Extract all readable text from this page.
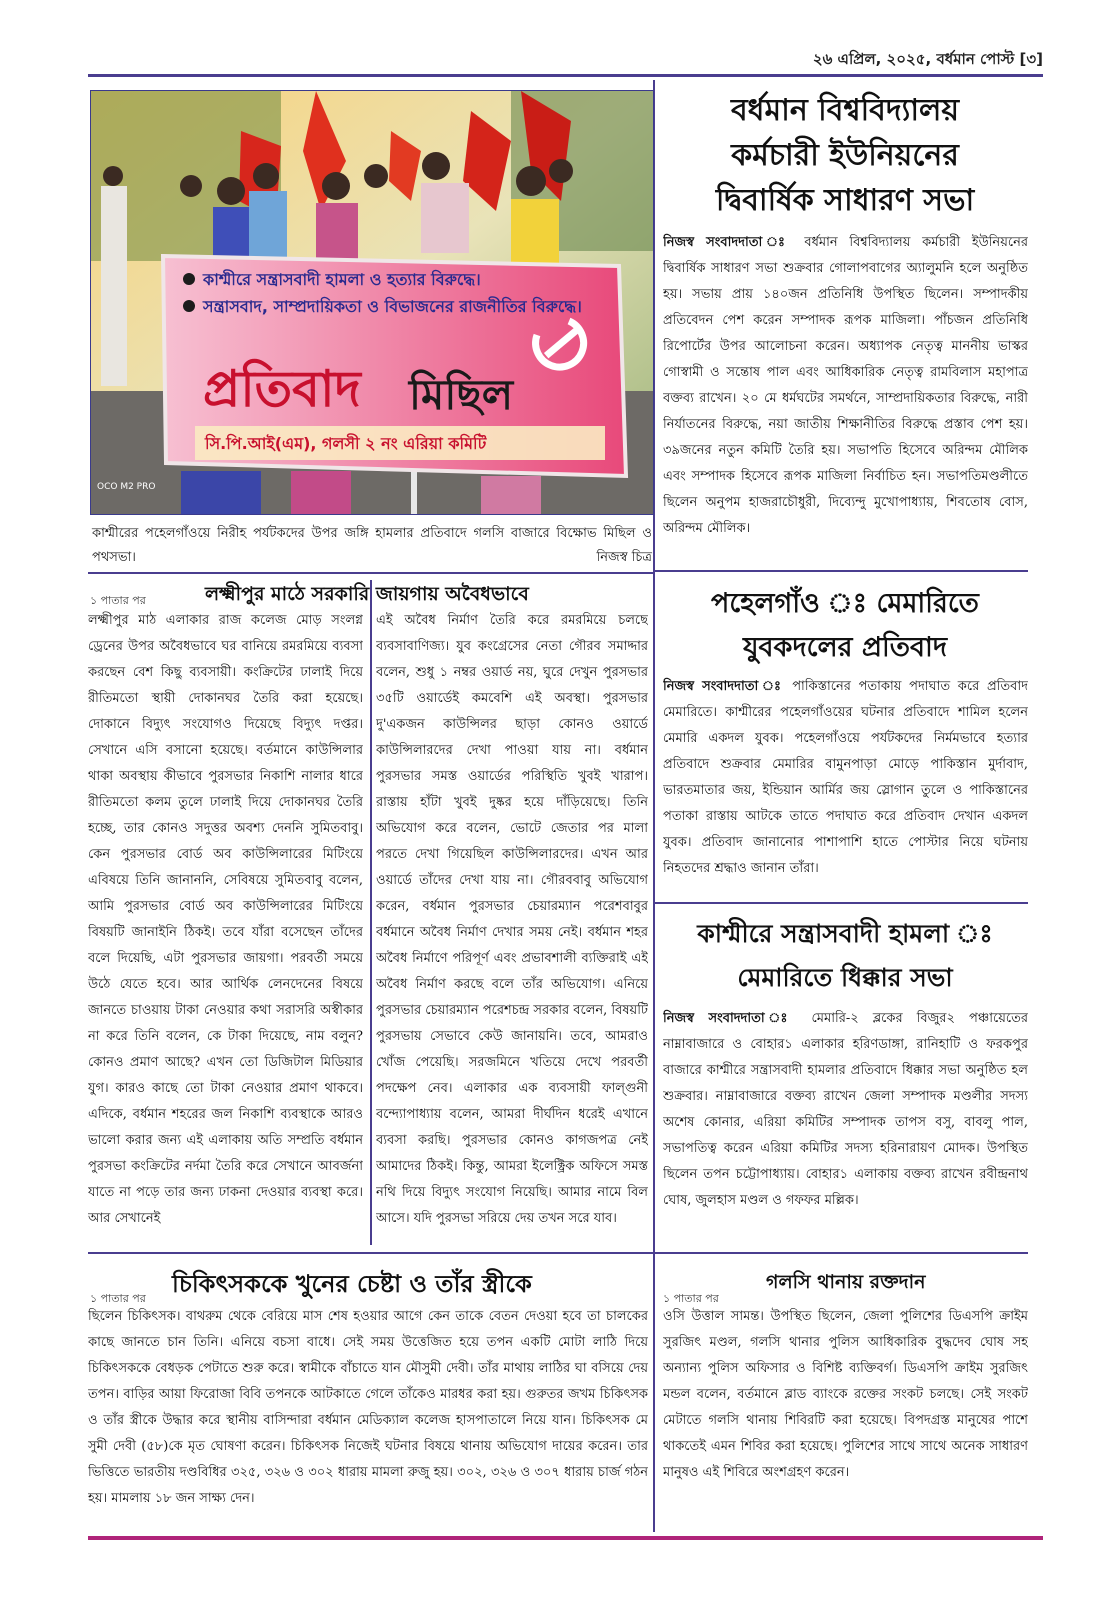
২৬ এপ্রিল, ২০২৫, বর্ধমান পোস্ট [৩]
কাশ্মীরে সন্ত্রাসবাদী হামলা ও হত্যার বিরুদ্ধে।
সন্ত্রাসবাদ, সাম্প্রদায়িকতা ও বিভাজনের রাজনীতির বিরুদ্ধে।
প্রতিবাদ মিছিল
সি.পি.আই(এম), গলসী ২ নং এরিয়া কমিটি
OCO M2 PRO
কাশ্মীরের পহেলগাঁওয়ে নিরীহ পর্যটকদের উপর জঙ্গি হামলার প্রতিবাদে গলসি বাজারে বিক্ষোভ মিছিল ও পথসভা।	নিজস্ব চিত্র
বর্ধমান বিশ্ববিদ্যালয়
কর্মচারী ইউনিয়নের
দ্বিবার্ষিক সাধারণ সভা
নিজস্ব সংবাদদাতা ঃ বর্ধমান বিশ্ববিদ্যালয় কর্মচারী ইউনিয়নের দ্বিবার্ষিক সাধারণ সভা শুক্রবার গোলাপবাগের অ্যালুমনি হলে অনুষ্ঠিত হয়। সভায় প্রায় ১৪০জন প্রতিনিধি উপস্থিত ছিলেন। সম্পাদকীয় প্রতিবেদন পেশ করেন সম্পাদক রূপক মাজিলা। পাঁচজন প্রতিনিধি রিপোর্টের উপর আলোচনা করেন। অধ্যাপক নেতৃত্ব মাননীয় ভাস্কর গোস্বামী ও সন্তোষ পাল এবং আধিকারিক নেতৃত্ব রামবিলাস মহাপাত্র বক্তব্য রাখেন। ২০ মে ধর্মঘটের সমর্থনে, সাম্প্রদায়িকতার বিরুদ্ধে, নারী নির্যাতনের বিরুদ্ধে, নয়া জাতীয় শিক্ষানীতির বিরুদ্ধে প্রস্তাব পেশ হয়। ৩৯জনের নতুন কমিটি তৈরি হয়। সভাপতি হিসেবে অরিন্দম মৌলিক এবং সম্পাদক হিসেবে রূপক মাজিলা নির্বাচিত হন। সভাপতিমণ্ডলীতে ছিলেন অনুপম হাজরাচৌধুরী, দিব্যেন্দু মুখোপাধ্যায়, শিবতোষ বোস, অরিন্দম মৌলিক।
১ পাতার পর	লক্ষ্মীপুর মাঠে সরকারি জায়গায় অবৈধভাবে
লক্ষ্মীপুর মাঠ এলাকার রাজ কলেজ মোড় সংলগ্ন ড্রেনের উপর অবৈধভাবে ঘর বানিয়ে রমরমিয়ে ব্যবসা করছেন বেশ কিছু ব্যবসায়ী। কংক্রিটের ঢালাই দিয়ে রীতিমতো স্থায়ী দোকানঘর তৈরি করা হয়েছে। দোকানে বিদ্যুৎ সংযোগও দিয়েছে বিদ্যুৎ দপ্তর। সেখানে এসি বসানো হয়েছে। বর্তমানে কাউন্সিলার থাকা অবস্থায় কীভাবে পুরসভার নিকাশি নালার ধারে রীতিমতো কলম তুলে ঢালাই দিয়ে দোকানঘর তৈরি হচ্ছে, তার কোনও সদুত্তর অবশ্য দেননি সুমিতবাবু। কেন পুরসভার বোর্ড অব কাউন্সিলারের মিটিংয়ে এবিষয়ে তিনি জানাননি, সেবিষয়ে সুমিতবাবু বলেন, আমি পুরসভার বোর্ড অব কাউন্সিলারের মিটিংয়ে বিষয়টি জানাইনি ঠিকই। তবে যাঁরা বসেছেন তাঁদের বলে দিয়েছি, এটা পুরসভার জায়গা। পরবর্তী সময়ে উঠে যেতে হবে। আর আর্থিক লেনদেনের বিষয়ে জানতে চাওয়ায় টাকা নেওয়ার কথা সরাসরি অস্বীকার না করে তিনি বলেন, কে টাকা দিয়েছে, নাম বলুন? কোনও প্রমাণ আছে? এখন তো ডিজিটাল মিডিয়ার যুগ। কারও কাছে তো টাকা নেওয়ার প্রমাণ থাকবে। এদিকে, বর্ধমান শহরের জল নিকাশি ব্যবস্থাকে আরও ভালো করার জন্য এই এলাকায় অতি সম্প্রতি বর্ধমান পুরসভা কংক্রিটের নর্দমা তৈরি করে সেখানে আবর্জনা যাতে না পড়ে তার জন্য ঢাকনা দেওয়ার ব্যবস্থা করে। আর সেখানেই
এই অবৈধ নির্মাণ তৈরি করে রমরমিয়ে চলছে ব্যবসাবাণিজ্য। যুব কংগ্রেসের নেতা গৌরব সমাদ্দার বলেন, শুধু ১ নম্বর ওয়ার্ড নয়, ঘুরে দেখুন পুরসভার ৩৫টি ওয়ার্ডেই কমবেশি এই অবস্থা। পুরসভার দু'একজন কাউন্সিলর ছাড়া কোনও ওয়ার্ডে কাউন্সিলারদের দেখা পাওয়া যায় না। বর্ধমান পুরসভার সমস্ত ওয়ার্ডের পরিস্থিতি খুবই খারাপ। রাস্তায় হাঁটা খুবই দুষ্কর হয়ে দাঁড়িয়েছে। তিনি অভিযোগ করে বলেন, ভোটে জেতার পর মালা পরতে দেখা গিয়েছিল কাউন্সিলারদের। এখন আর ওয়ার্ডে তাঁদের দেখা যায় না। গৌরববাবু অভিযোগ করেন, বর্ধমান পুরসভার চেয়ারম্যান পরেশবাবুর বর্ধমানে অবৈধ নির্মাণ দেখার সময় নেই। বর্ধমান শহর অবৈধ নির্মাণে পরিপূর্ণ এবং প্রভাবশালী ব্যক্তিরাই এই অবৈধ নির্মাণ করছে বলে তাঁর অভিযোগ। এনিয়ে পুরসভার চেয়ারম্যান পরেশচন্দ্র সরকার বলেন, বিষয়টি পুরসভায় সেভাবে কেউ জানায়নি। তবে, আমরাও খোঁজ পেয়েছি। সরজমিনে খতিয়ে দেখে পরবর্তী পদক্ষেপ নেব। এলাকার এক ব্যবসায়ী ফাল্গুনী বন্দ্যোপাধ্যায় বলেন, আমরা দীর্ঘদিন ধরেই এখানে ব্যবসা করছি। পুরসভার কোনও কাগজপত্র নেই আমাদের ঠিকই। কিন্তু, আমরা ইলেক্ট্রিক অফিসে সমস্ত নথি দিয়ে বিদ্যুৎ সংযোগ নিয়েছি। আমার নামে বিল আসে। যদি পুরসভা সরিয়ে দেয় তখন সরে যাব।
পহেলগাঁও ঃ মেমারিতে
যুবকদলের প্রতিবাদ
নিজস্ব সংবাদদাতা ঃ পাকিস্তানের পতাকায় পদাঘাত করে প্রতিবাদ মেমারিতে। কাশ্মীরের পহেলগাঁওয়ের ঘটনার প্রতিবাদে শামিল হলেন মেমারি একদল যুবক। পহেলগাঁওয়ে পর্যটকদের নির্মমভাবে হত্যার প্রতিবাদে শুক্রবার মেমারির বামুনপাড়া মোড়ে পাকিস্তান মুর্দাবাদ, ভারতমাতার জয়, ইন্ডিয়ান আর্মির জয় স্লোগান তুলে ও পাকিস্তানের পতাকা রাস্তায় আটকে তাতে পদাঘাত করে প্রতিবাদ দেখান একদল যুবক। প্রতিবাদ জানানোর পাশাপাশি হাতে পোস্টার নিয়ে ঘটনায় নিহতদের শ্রদ্ধাও জানান তাঁরা।
কাশ্মীরে সন্ত্রাসবাদী হামলা ঃ
মেমারিতে ধিক্কার সভা
নিজস্ব সংবাদদাতা ঃ মেমারি-২ ব্লকের বিজুর২ পঞ্চায়েতের নাম্নাবাজারে ও বোহার১ এলাকার হরিণডাঙ্গা, রানিহাটি ও ফরকপুর বাজারে কাশ্মীরে সন্ত্রাসবাদী হামলার প্রতিবাদে ধিক্কার সভা অনুষ্ঠিত হল শুক্রবার। নাম্নাবাজারে বক্তব্য রাখেন জেলা সম্পাদক মণ্ডলীর সদস্য অশেষ কোনার, এরিয়া কমিটির সম্পাদক তাপস বসু, বাবলু পাল, সভাপতিত্ব করেন এরিয়া কমিটির সদস্য হরিনারায়ণ মোদক। উপস্থিত ছিলেন তপন চট্টোপাধ্যায়। বোহার১ এলাকায় বক্তব্য রাখেন রবীন্দ্রনাথ ঘোষ, জুলহাস মণ্ডল ও গফফর মল্লিক।
১ পাতার পর
চিকিৎসককে খুনের চেষ্টা ও তাঁর স্ত্রীকে
ছিলেন চিকিৎসক। বাথরুম থেকে বেরিয়ে মাস শেষ হওয়ার আগে কেন তাকে বেতন দেওয়া হবে তা চালকের কাছে জানতে চান তিনি। এনিয়ে বচসা বাধে। সেই সময় উত্তেজিত হয়ে তপন একটি মোটা লাঠি দিয়ে চিকিৎসককে বেধড়ক পেটাতে শুরু করে। স্বামীকে বাঁচাতে যান মৌসুমী দেবী। তাঁর মাথায় লাঠির ঘা বসিয়ে দেয় তপন। বাড়ির আয়া ফিরোজা বিবি তপনকে আটকাতে গেলে তাঁকেও মারধর করা হয়। গুরুতর জখম চিকিৎসক ও তাঁর স্ত্রীকে উদ্ধার করে স্থানীয় বাসিন্দারা বর্ধমান মেডিক্যাল কলেজ হাসপাতালে নিয়ে যান। চিকিৎসক মে সুমী দেবী (৫৮)কে মৃত ঘোষণা করেন। চিকিৎসক নিজেই ঘটনার বিষয়ে থানায় অভিযোগ দায়ের করেন। তার ভিত্তিতে ভারতীয় দণ্ডবিধির ৩২৫, ৩২৬ ও ৩০২ ধারায় মামলা রুজু হয়। ৩০২, ৩২৬ ও ৩০৭ ধারায় চার্জ গঠন হয়। মামলায় ১৮ জন সাক্ষ্য দেন।
১ পাতার পর
গলসি থানায় রক্তদান
ওসি উত্তাল সামন্ত। উপস্থিত ছিলেন, জেলা পুলিশের ডিএসপি ক্রাইম সুরজিৎ মণ্ডল, গলসি থানার পুলিস আধিকারিক বুদ্ধদেব ঘোষ সহ অন্যান্য পুলিস অফিসার ও বিশিষ্ট ব্যক্তিবর্গ। ডিএসপি ক্রাইম সুরজিৎ মন্ডল বলেন, বর্তমানে ব্লাড ব্যাংকে রক্তের সংকট চলছে। সেই সংকট মেটাতে গলসি থানায় শিবিরটি করা হয়েছে। বিপদগ্রস্ত মানুষের পাশে থাকতেই এমন শিবির করা হয়েছে। পুলিশের সাথে সাথে অনেক সাধারণ মানুষও এই শিবিরে অংশগ্রহণ করেন।
